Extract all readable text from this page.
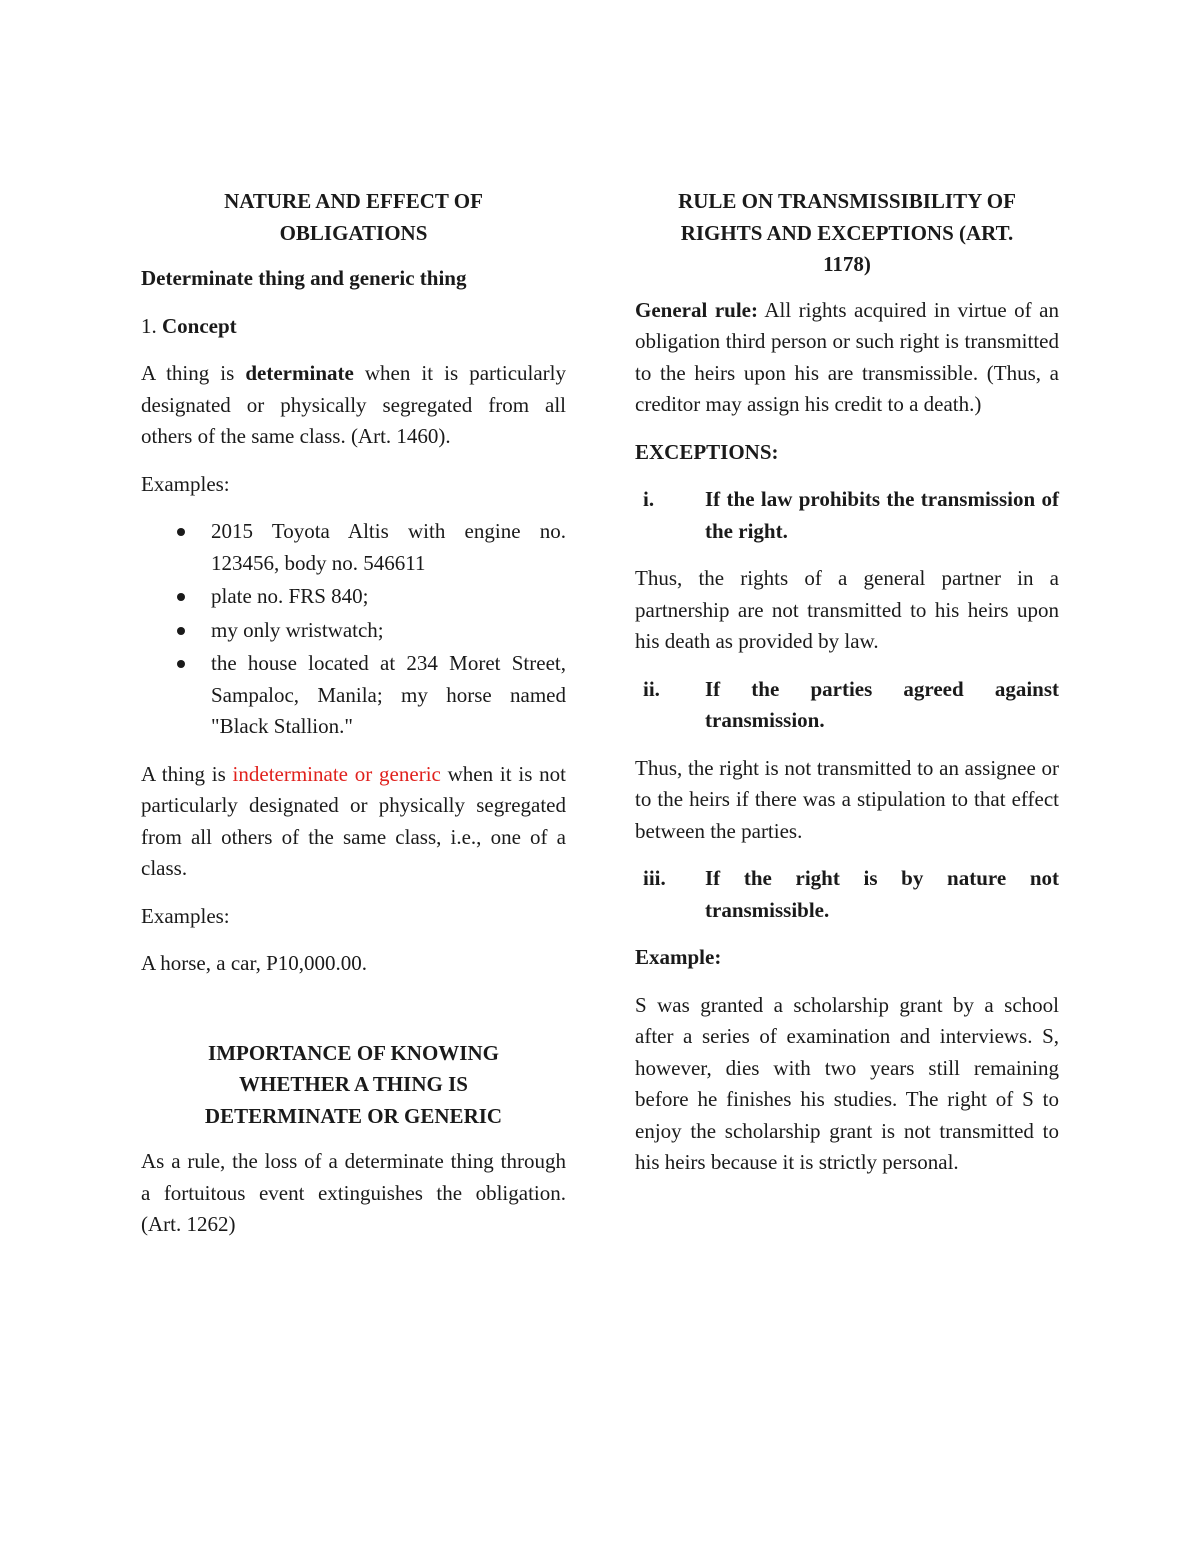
NATURE AND EFFECT OF
OBLIGATIONS
Determinate thing and generic thing

1. Concept

A thing is determinate when it is particularly designated or physically segregated from all others of the same class. (Art. 1460).

Examples:

2015 Toyota Altis with engine no. 123456, body no. 546611
plate no. FRS 840;
my only wristwatch;
the house located at 234 Moret Street, Sampaloc, Manila; my horse named "Black Stallion."

A thing is indeterminate or generic when it is not particularly designated or physically segregated from all others of the same class, i.e., one of a class.

Examples:

A horse, a car, P10,000.00.

IMPORTANCE OF KNOWING
WHETHER A THING IS
DETERMINATE OR GENERIC

As a rule, the loss of a determinate thing through a fortuitous event extinguishes the obligation. (Art. 1262)

RULE ON TRANSMISSIBILITY OF
RIGHTS AND EXCEPTIONS (ART.
1178)

General rule: All rights acquired in virtue of an obligation third person or such right is transmitted to the heirs upon his are transmissible. (Thus, a creditor may assign his credit to a death.)

EXCEPTIONS:
i.	If the law prohibits the transmission of the right.

Thus, the rights of a general partner in a partnership are not transmitted to his heirs upon his death as provided by law.

ii.	If the parties agreed against transmission.

Thus, the right is not transmitted to an assignee or to the heirs if there was a stipulation to that effect between the parties.

iii.	If the right is by nature not transmissible.
Example:

S was granted a scholarship grant by a school after a series of examination and interviews. S, however, dies with two years still remaining before he finishes his studies. The right of S to enjoy the scholarship grant is not transmitted to his heirs because it is strictly personal.
